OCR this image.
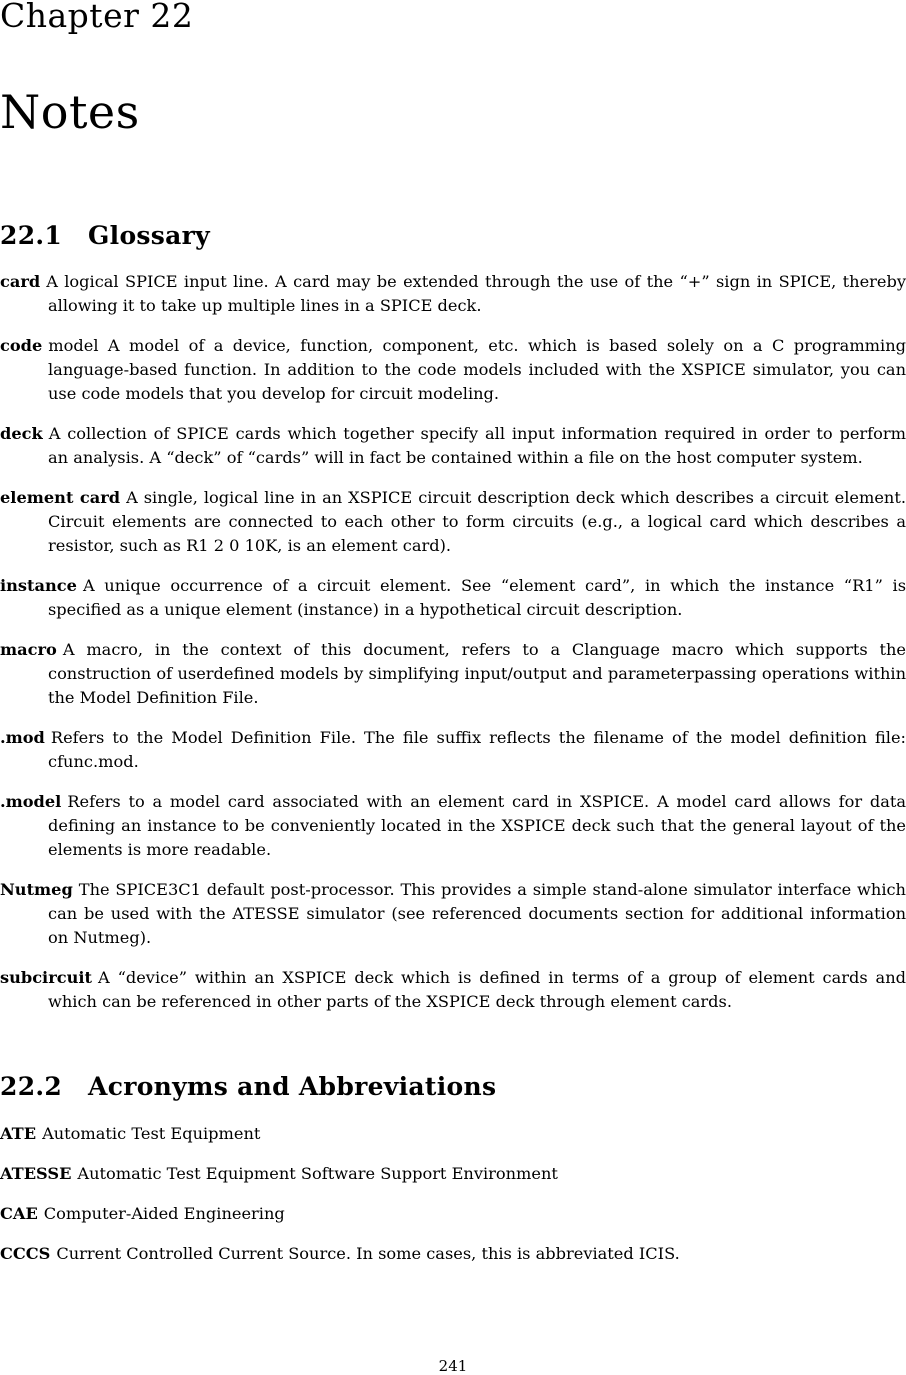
Chapter 22
Notes
22.1 Glossary

card A logical SPICE input line. A card may be extended through the use of the “+” sign in SPICE, thereby allowing it to take up multiple lines in a SPICE deck.

code model A model of a device, function, component, etc. which is based solely on a C programming language-based function. In addition to the code models included with the XSPICE simulator, you can use code models that you develop for circuit modeling.

deck A collection of SPICE cards which together specify all input information required in order to perform an analysis. A “deck” of “cards” will in fact be contained within a file on the host computer system.

element card A single, logical line in an XSPICE circuit description deck which describes a circuit element. Circuit elements are connected to each other to form circuits (e.g., a logical card which describes a resistor, such as R1 2 0 10K, is an element card).

instance A unique occurrence of a circuit element. See “element card”, in which the instance “R1” is specified as a unique element (instance) in a hypothetical circuit description.

macro A macro, in the context of this document, refers to a Clanguage macro which supports the construction of userdefined models by simplifying input/output and parameterpassing operations within the Model Definition File.

.mod Refers to the Model Definition File. The file suffix reflects the filename of the model definition file: cfunc.mod.

.model Refers to a model card associated with an element card in XSPICE. A model card allows for data defining an instance to be conveniently located in the XSPICE deck such that the general layout of the elements is more readable.

Nutmeg The SPICE3C1 default post-processor. This provides a simple stand-alone simulator interface which can be used with the ATESSE simulator (see referenced documents section for additional information on Nutmeg).

subcircuit A “device” within an XSPICE deck which is defined in terms of a group of element cards and which can be referenced in other parts of the XSPICE deck through element cards.

22.2 Acronyms and Abbreviations

ATE Automatic Test Equipment

ATESSE Automatic Test Equipment Software Support Environment

CAE Computer-Aided Engineering

CCCS Current Controlled Current Source. In some cases, this is abbreviated ICIS.

241
